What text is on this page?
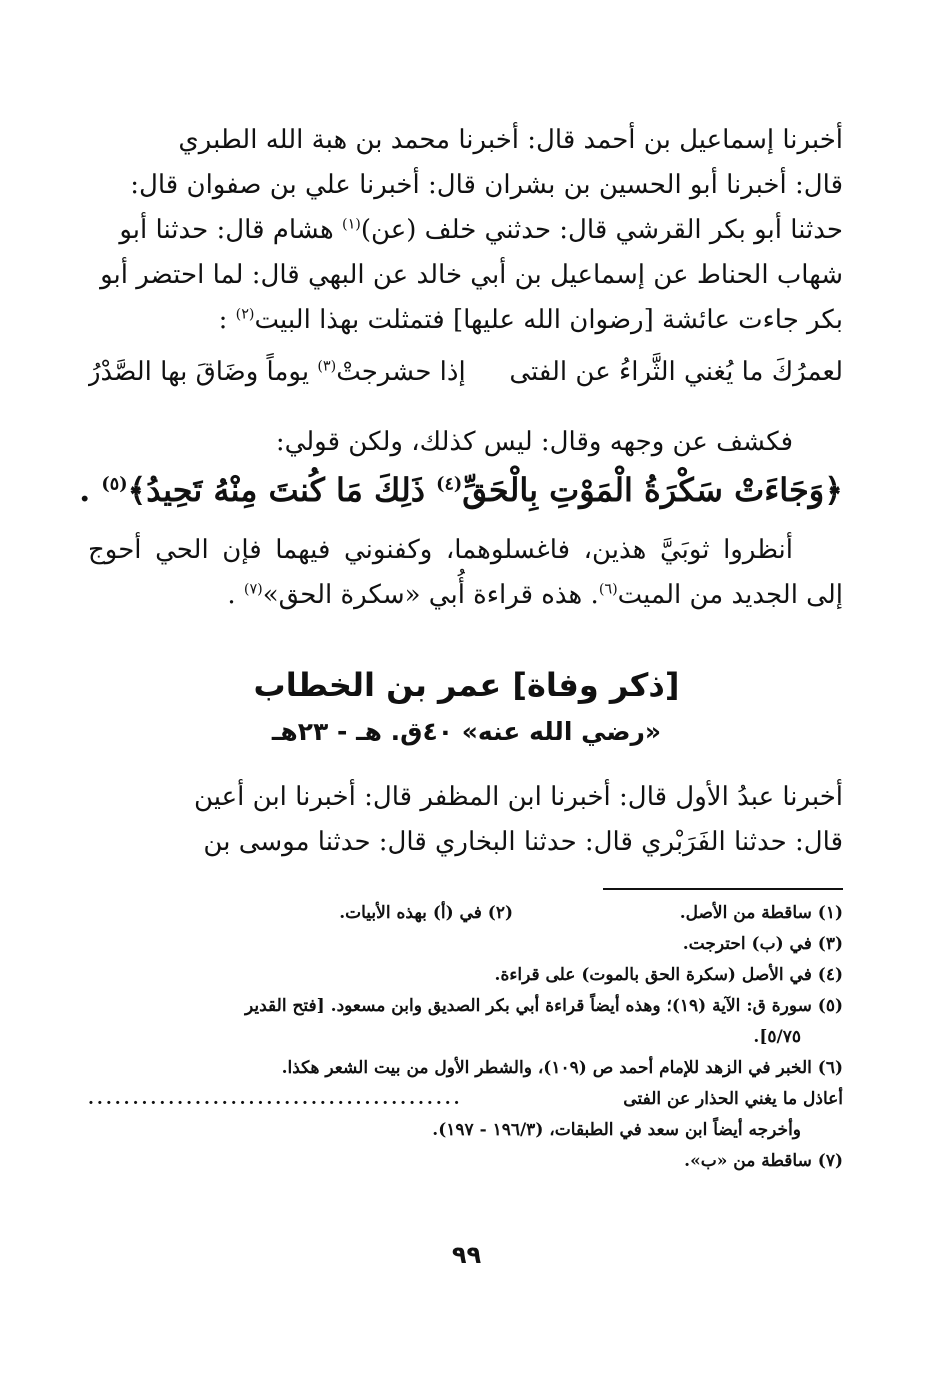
أخبرنا إسماعيل بن أحمد قال: أخبرنا محمد بن هبة الله الطبري
قال: أخبرنا أبو الحسين بن بشران قال: أخبرنا علي بن صفوان قال:
حدثنا أبو بكر القرشي قال: حدثني خلف (عن)$^{(١)}$ هشام قال: حدثنا أبو
شهاب الحناط عن إسماعيل بن أبي خالد عن البهي قال: لما احتضر أبو
بكر جاءت عائشة [رضوان الله عليها] فتمثلت بهذا البيت$^{(٢)}$ :
لعمرُكَ ما يُغني الثَّراءُ عن الفتى
إذا حشرجتْ$^{(٣)}$ يوماً وضَاقَ بها الصَّدْرُ
فكشف عن وجهه وقال: ليس كذلك، ولكن قولي:
﴿وَجَاءَتْ سَكْرَةُ الْمَوْتِ بِالْحَقِّ$^{(٤)}$ ذَلِكَ مَا كُنتَ مِنْهُ تَحِيدُ﴾$^{(٥)}$ .
أنظروا ثوبَيَّ هذين، فاغسلوهما، وكفنوني فيهما فإن الحي أحوج إلى الجديد من الميت$^{(٦)}$. هذه قراءة أُبي «سكرة الحق»$^{(٧)}$ .
[ذكر وفاة] عمر بن الخطاب
«رضي الله عنه» ٤٠ق. هـ - ٢٣هـ
أخبرنا عبدُ الأول قال: أخبرنا ابن المظفر قال: أخبرنا ابن أعين
قال: حدثنا الفَرَبْري قال: حدثنا البخاري قال: حدثنا موسى بن
(١) ساقطة من الأصل.
(٢) في (أ) بهذه الأبيات.
(٣) في (ب) احترجت.
(٤) في الأصل (سكرة الحق بالموت) على قراءة.
(٥) سورة ق: الآية (١٩)؛ وهذه أيضاً قراءة أبي بكر الصديق وابن مسعود. [فتح القدير
٥/٧٥].
(٦) الخبر في الزهد للإمام أحمد ص (١٠٩)، والشطر الأول من بيت الشعر هكذا.
أعاذل ما يغني الحذار عن الفتى
..........................................
وأخرجه أيضاً ابن سعد في الطبقات، (١٩٦/٣ - ١٩٧).
(٧) ساقطة من «ب».
٩٩
